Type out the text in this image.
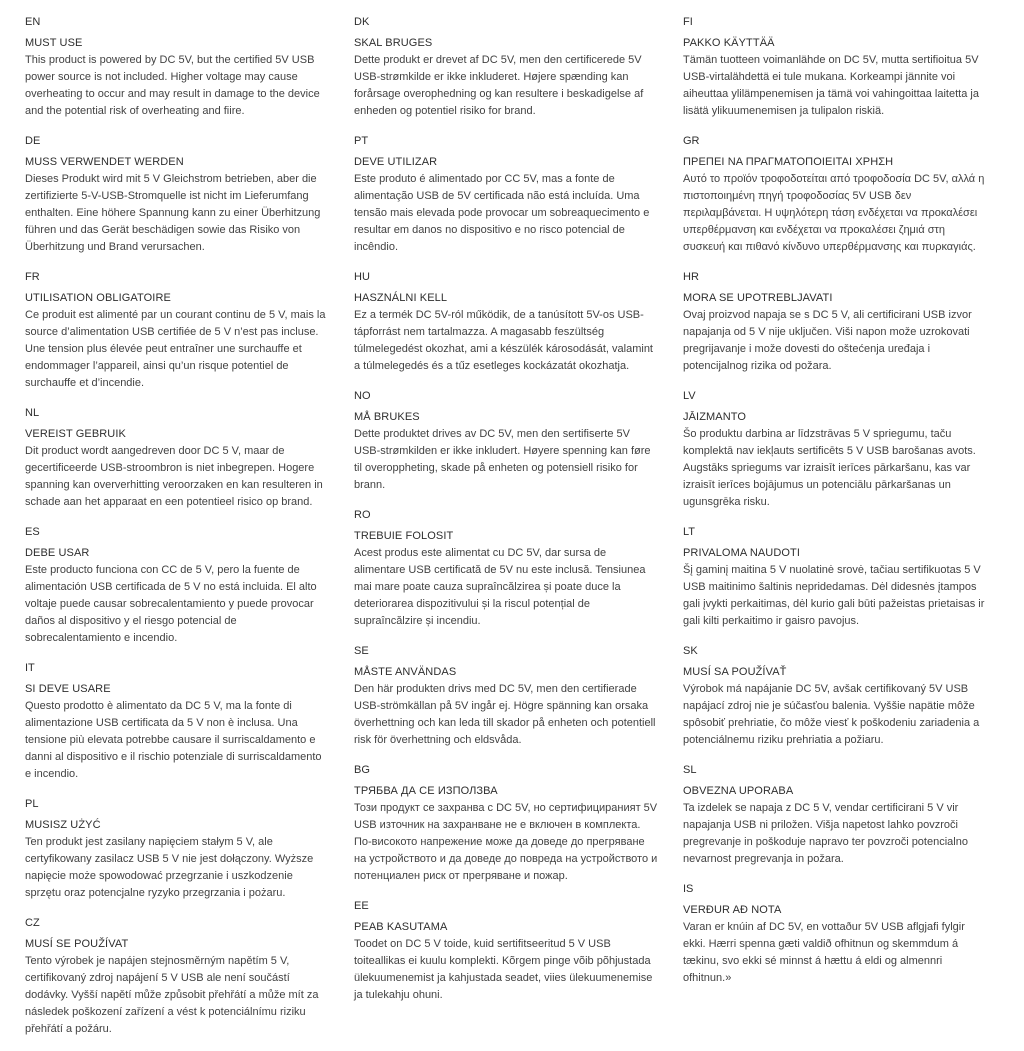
EN
MUST USE

This product is powered by DC 5V, but the certified 5V USB power source is not included. Higher voltage may cause overheating to occur and may result in damage to the device and the potential risk of overheating and fiire.

DE
MUSS VERWENDET WERDEN

Dieses Produkt wird mit 5 V Gleichstrom betrieben, aber die zertifizierte 5-V-USB-Stromquelle ist nicht im Lieferumfang enthalten. Eine höhere Spannung kann zu einer Überhitzung führen und das Gerät beschädigen sowie das Risiko von Überhitzung und Brand verursachen.

FR
UTILISATION OBLIGATOIRE

Ce produit est alimenté par un courant continu de 5 V, mais la source d’alimentation USB certifiée de 5 V n’est pas incluse. Une tension plus élevée peut entraîner une surchauffe et endommager l’appareil, ainsi qu’un risque potentiel de surchauffe et d’incendie.

NL
VEREIST GEBRUIK

Dit product wordt aangedreven door DC 5 V, maar de gecertificeerde USB-stroombron is niet inbegrepen. Hogere spanning kan oververhitting veroorzaken en kan resulteren in schade aan het apparaat en een potentieel risico op brand.

ES
DEBE USAR

Este producto funciona con CC de 5 V, pero la fuente de alimentación USB certificada de 5 V no está incluida. El alto voltaje puede causar sobrecalentamiento y puede provocar daños al dispositivo y el riesgo potencial de sobrecalentamiento e incendio.

IT
SI DEVE USARE

Questo prodotto è alimentato da DC 5 V, ma la fonte di alimentazione USB certificata da 5 V non è inclusa. Una tensione più elevata potrebbe causare il surriscaldamento e danni al dispositivo e il rischio potenziale di surriscaldamento e incendio.

PL
MUSISZ UŻYĆ

Ten produkt jest zasilany napięciem stałym 5 V, ale certyfikowany zasilacz USB 5 V nie jest dołączony. Wyższe napięcie może spowodować przegrzanie i uszkodzenie sprzętu oraz potencjalne ryzyko przegrzania i pożaru.

CZ
MUSÍ SE POUŽÍVAT

Tento výrobek je napájen stejnosměrným napětím 5 V, certifikovaný zdroj napájení 5 V USB ale není součástí dodávky. Vyšší napětí může způsobit přehřátí a může mít za následek poškození zařízení a vést k potenciálnímu riziku přehřátí a požáru.

DK
SKAL BRUGES

Dette produkt er drevet af DC 5V, men den certificerede 5V USB-strømkilde er ikke inkluderet. Højere spænding kan forårsage overophedning og kan resultere i beskadigelse af enheden og potentiel risiko for brand.

PT
DEVE UTILIZAR

Este produto é alimentado por CC 5V, mas a fonte de alimentação USB de 5V certificada não está incluída. Uma tensão mais elevada pode provocar um sobreaquecimento e resultar em danos no dispositivo e no risco potencial de incêndio.

HU
HASZNÁLNI KELL

Ez a termék DC 5V-ról működik, de a tanúsított 5V-os USB-tápforrást nem tartalmazza. A magasabb feszültség túlmelegedést okozhat, ami a készülék károsodását, valamint a túlmelegedés és a tűz esetleges kockázatát okozhatja.

NO
MÅ BRUKES

Dette produktet drives av DC 5V, men den sertifiserte 5V USB-strømkilden er ikke inkludert. Høyere spenning kan føre til overoppheting, skade på enheten og potensiell risiko for brann.

RO
TREBUIE FOLOSIT

Acest produs este alimentat cu DC 5V, dar sursa de alimentare USB certificată de 5V nu este inclusă. Tensiunea mai mare poate cauza supraîncălzirea și poate duce la deteriorarea dispozitivului și la riscul potențial de supraîncălzire și incendiu.

SE
MÅSTE ANVÄNDAS

Den här produkten drivs med DC 5V, men den certifierade USB-strömkällan på 5V ingår ej. Högre spänning kan orsaka överhettning och kan leda till skador på enheten och potentiell risk för överhettning och eldsvåda.

BG
ТРЯБВА ДА СЕ ИЗПОЛЗВА

Този продукт се захранва с DC 5V, но сертифицираният 5V USB източник на захранване не е включен в комплекта. По-високото напрежение може да доведе до прегряване на устройството и да доведе до повреда на устройството и потенциален риск от прегряване и пожар.

EE
PEAB KASUTAMA

Toodet on DC 5 V toide, kuid sertifitseeritud 5 V USB toiteallikas ei kuulu komplekti. Kõrgem pinge võib põhjustada ülekuumenemist ja kahjustada seadet, viies ülekuumenemise ja tulekahju ohuni.

FI
PAKKO KÄYTTÄÄ

Tämän tuotteen voimanlähde on DC 5V, mutta sertifioitua 5V USB-virtalähdettä ei tule mukana. Korkeampi jännite voi aiheuttaa ylilämpenemisen ja tämä voi vahingoittaa laitetta ja lisätä ylikuumenemisen ja tulipalon riskiä.

GR
ΠΡΕΠΕΙ ΝΑ ΠΡΑΓΜΑΤΟΠΟΙΕΙΤΑΙ ΧΡΗΣΗ

Αυτό το προϊόν τροφοδοτείται από τροφοδοσία DC 5V, αλλά η πιστοποιημένη πηγή τροφοδοσίας 5V USB δεν περιλαμβάνεται. Η υψηλότερη τάση ενδέχεται να προκαλέσει υπερθέρμανση και ενδέχεται να προκαλέσει ζημιά στη συσκευή και πιθανό κίνδυνο υπερθέρμανσης και πυρκαγιάς.

HR
MORA SE UPOTREBLJAVATI

Ovaj proizvod napaja se s DC 5 V, ali certificirani USB izvor napajanja od 5 V nije uključen. Viši napon može uzrokovati pregrijavanje i može dovesti do oštećenja uređaja i potencijalnog rizika od požara.

LV
JĀIZMANTO

Šo produktu darbina ar līdzstrāvas 5 V spriegumu, taču komplektā nav iekļauts sertificēts 5 V USB barošanas avots. Augstāks spriegums var izraisīt ierīces pārkaršanu, kas var izraisīt ierīces bojājumus un potenciālu pārkaršanas un ugunsgrēka risku.

LT
PRIVALOMA NAUDOTI

Šį gaminį maitina 5 V nuolatinė srovė, tačiau sertifikuotas 5 V USB maitinimo šaltinis nepridedamas. Dėl didesnės įtampos gali įvykti perkaitimas, dėl kurio gali būti pažeistas prietaisas ir gali kilti perkaitimo ir gaisro pavojus.

SK
MUSÍ SA POUŽÍVAŤ

Výrobok má napájanie DC 5V, avšak certifikovaný 5V USB napájací zdroj nie je súčasťou balenia. Vyššie napätie môže spôsobiť prehriatie, čo môže viesť k poškodeniu zariadenia a potenciálnemu riziku prehriatia a požiaru.

SL
OBVEZNA UPORABA

Ta izdelek se napaja z DC 5 V, vendar certificirani 5 V vir napajanja USB ni priložen. Višja napetost lahko povzroči pregrevanje in poškoduje napravo ter povzroči potencialno nevarnost pregrevanja in požara.

IS
VERÐUR AÐ NOTA

Varan er knúin af DC 5V, en vottaður 5V USB aflgjafi fylgir ekki. Hærri spenna gæti valdið ofhitnun og skemmdum á tækinu, svo ekki sé minnst á hættu á eldi og almennri ofhitnun.»
